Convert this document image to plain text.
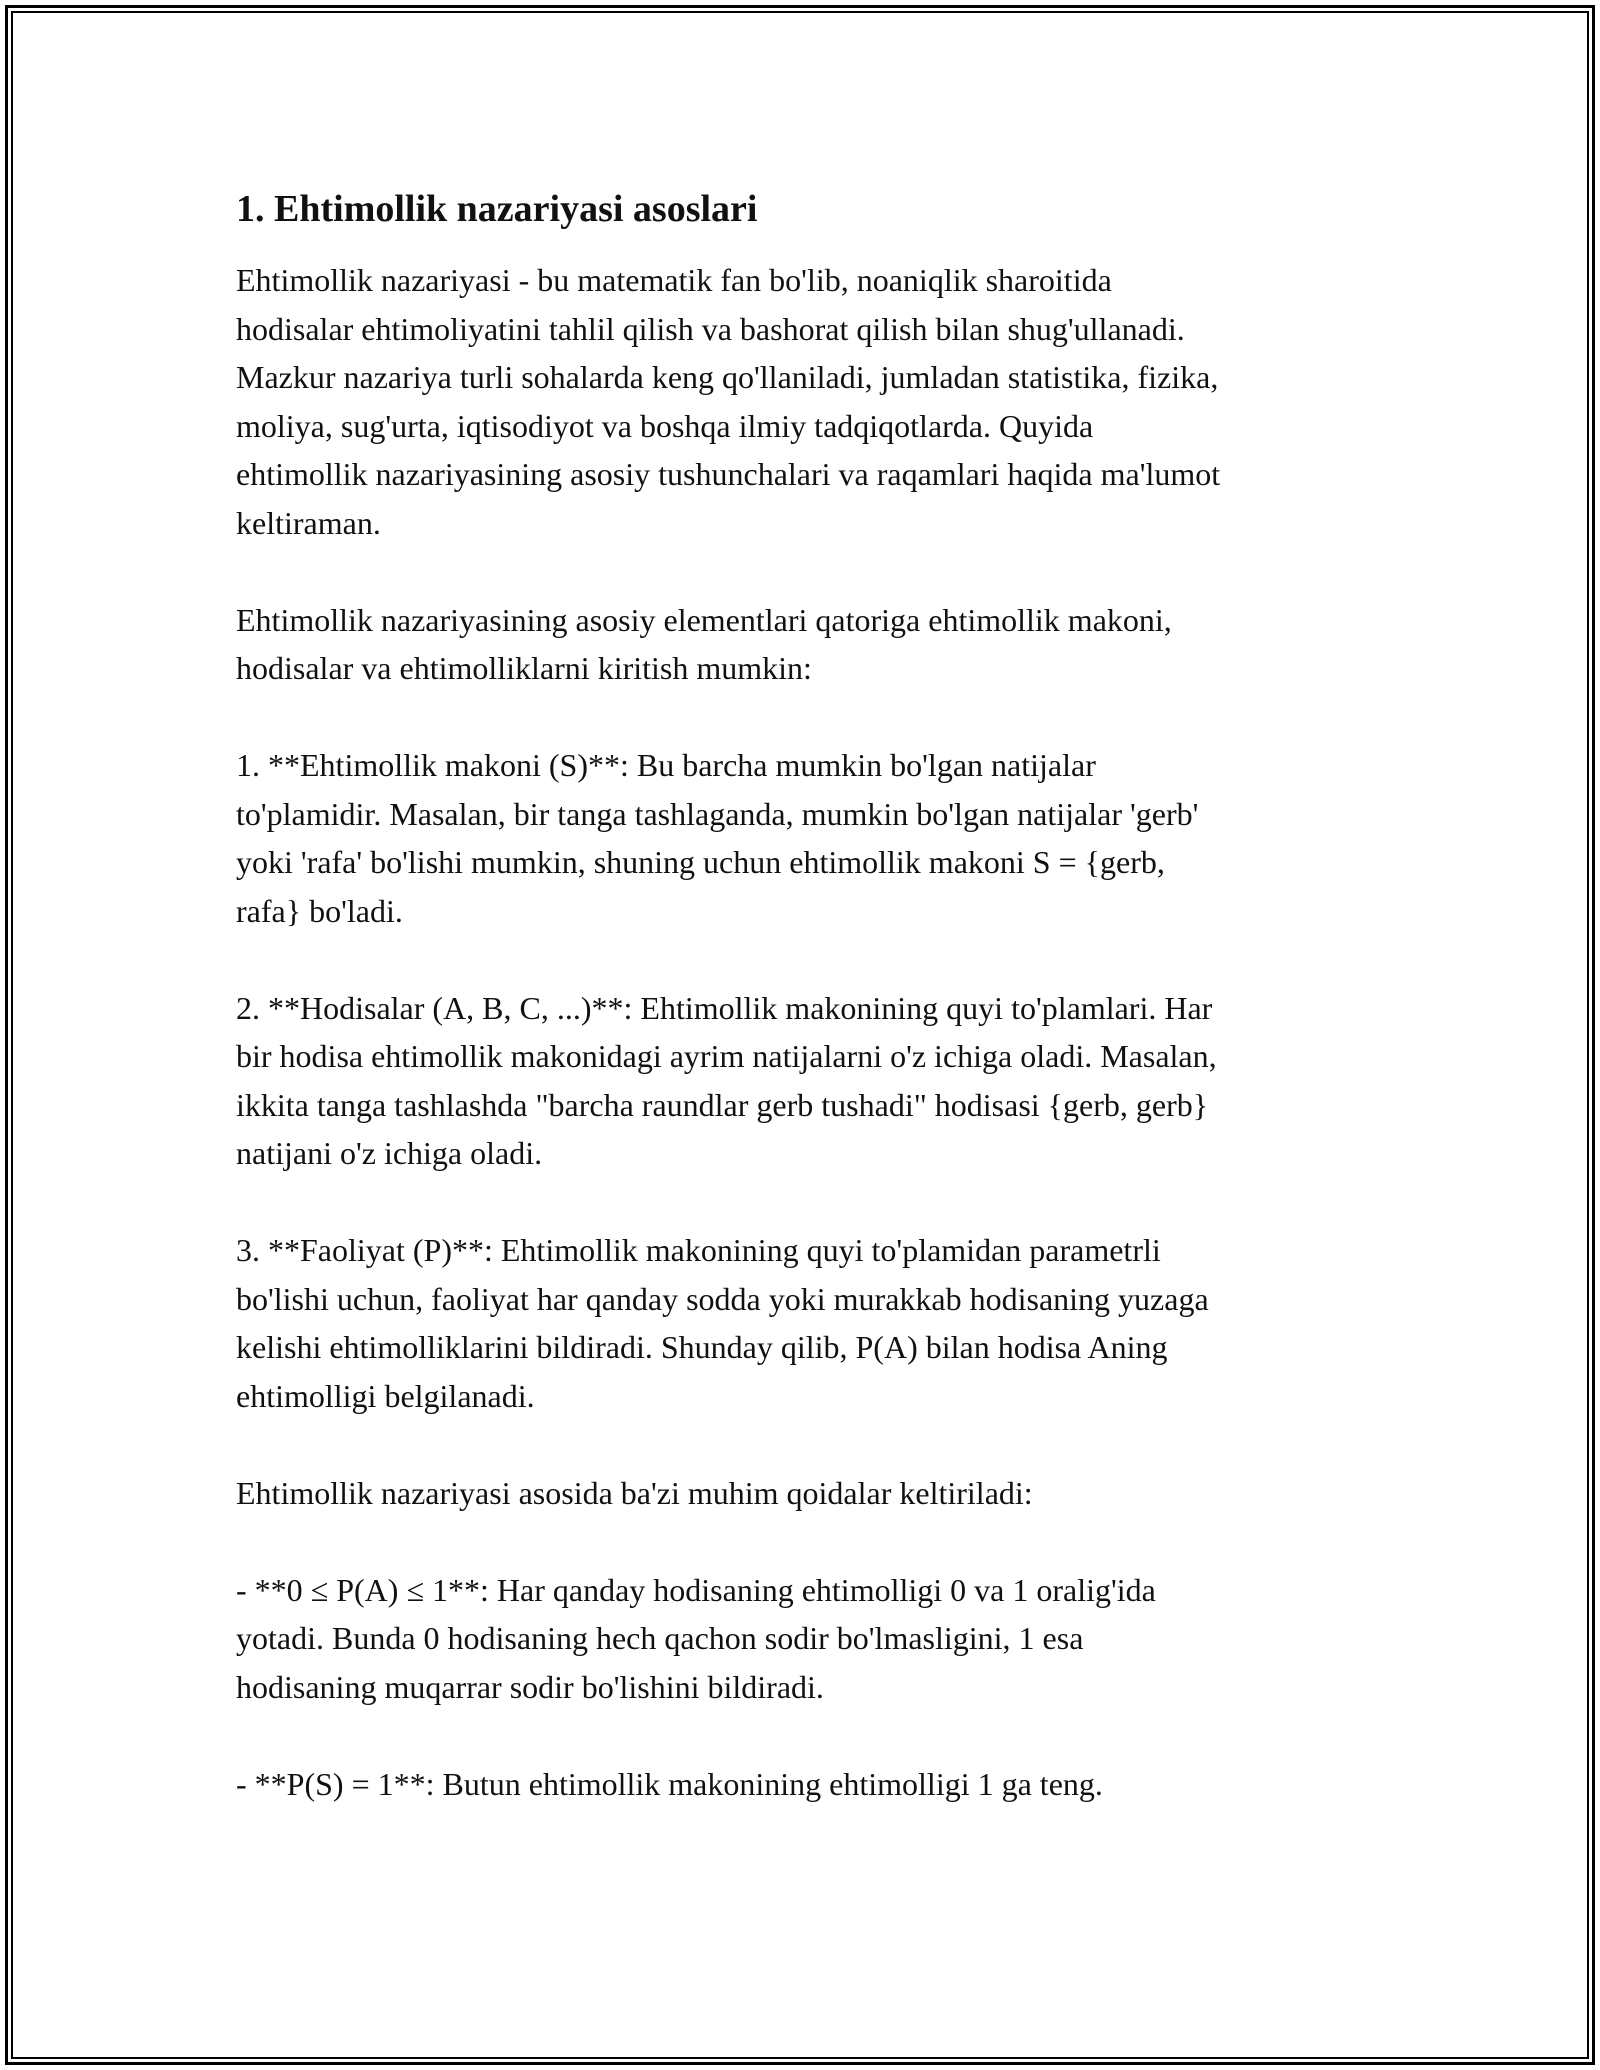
1. Ehtimollik nazariyasi asoslari

Ehtimollik nazariyasi - bu matematik fan bo'lib, noaniqlik sharoitida
hodisalar ehtimoliyatini tahlil qilish va bashorat qilish bilan shug'ullanadi.
Mazkur nazariya turli sohalarda keng qo'llaniladi, jumladan statistika, fizika,
moliya, sug'urta, iqtisodiyot va boshqa ilmiy tadqiqotlarda. Quyida
ehtimollik nazariyasining asosiy tushunchalari va raqamlari haqida ma'lumot
keltiraman.

Ehtimollik nazariyasining asosiy elementlari qatoriga ehtimollik makoni,
hodisalar va ehtimolliklarni kiritish mumkin:

1. **Ehtimollik makoni (S)**: Bu barcha mumkin bo'lgan natijalar
to'plamidir. Masalan, bir tanga tashlaganda, mumkin bo'lgan natijalar 'gerb'
yoki 'rafa' bo'lishi mumkin, shuning uchun ehtimollik makoni S = {gerb,
rafa} bo'ladi.

2. **Hodisalar (A, B, C, ...)**: Ehtimollik makonining quyi to'plamlari. Har
bir hodisa ehtimollik makonidagi ayrim natijalarni o'z ichiga oladi. Masalan,
ikkita tanga tashlashda "barcha raundlar gerb tushadi" hodisasi {gerb, gerb}
natijani o'z ichiga oladi.

3. **Faoliyat (P)**: Ehtimollik makonining quyi to'plamidan parametrli
bo'lishi uchun, faoliyat har qanday sodda yoki murakkab hodisaning yuzaga
kelishi ehtimolliklarini bildiradi. Shunday qilib, P(A) bilan hodisa Aning
ehtimolligi belgilanadi.

Ehtimollik nazariyasi asosida ba'zi muhim qoidalar keltiriladi:

- **0 ≤ P(A) ≤ 1**: Har qanday hodisaning ehtimolligi 0 va 1 oralig'ida
yotadi. Bunda 0 hodisaning hech qachon sodir bo'lmasligini, 1 esa
hodisaning muqarrar sodir bo'lishini bildiradi.

- **P(S) = 1**: Butun ehtimollik makonining ehtimolligi 1 ga teng.
